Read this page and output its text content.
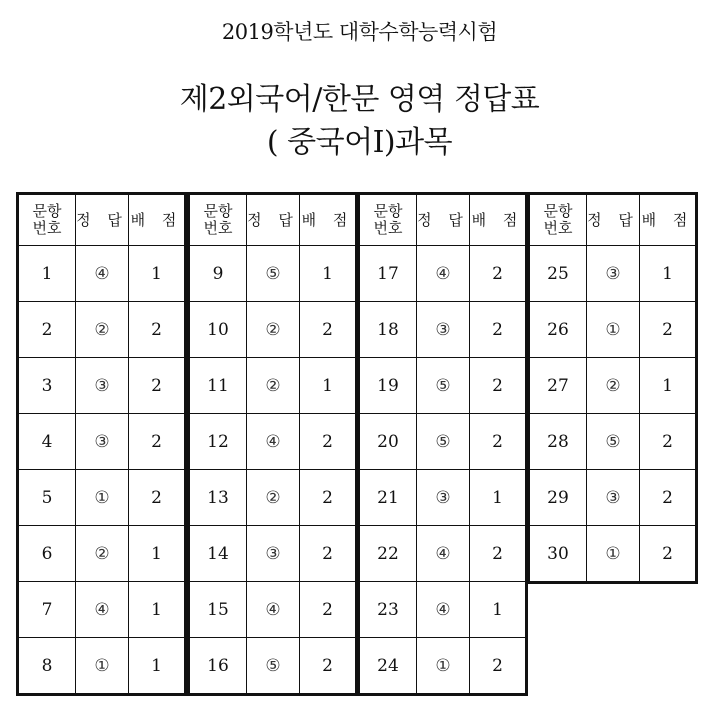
2019학년도 대학수학능력시험
제2외국어/한문 영역 정답표
( 중국어Ⅰ)과목
문항
번호	정 답	배 점
1	④	1
2	②	2
3	③	2
4	③	2
5	①	2
6	②	1
7	④	1
8	①	1
문항
번호	정 답	배 점
9	⑤	1
10	②	2
11	②	1
12	④	2
13	②	2
14	③	2
15	④	2
16	⑤	2
문항
번호	정 답	배 점
17	④	2
18	③	2
19	⑤	2
20	⑤	2
21	③	1
22	④	2
23	④	1
24	①	2
문항
번호	정 답	배 점
25	③	1
26	①	2
27	②	1
28	⑤	2
29	③	2
30	①	2
